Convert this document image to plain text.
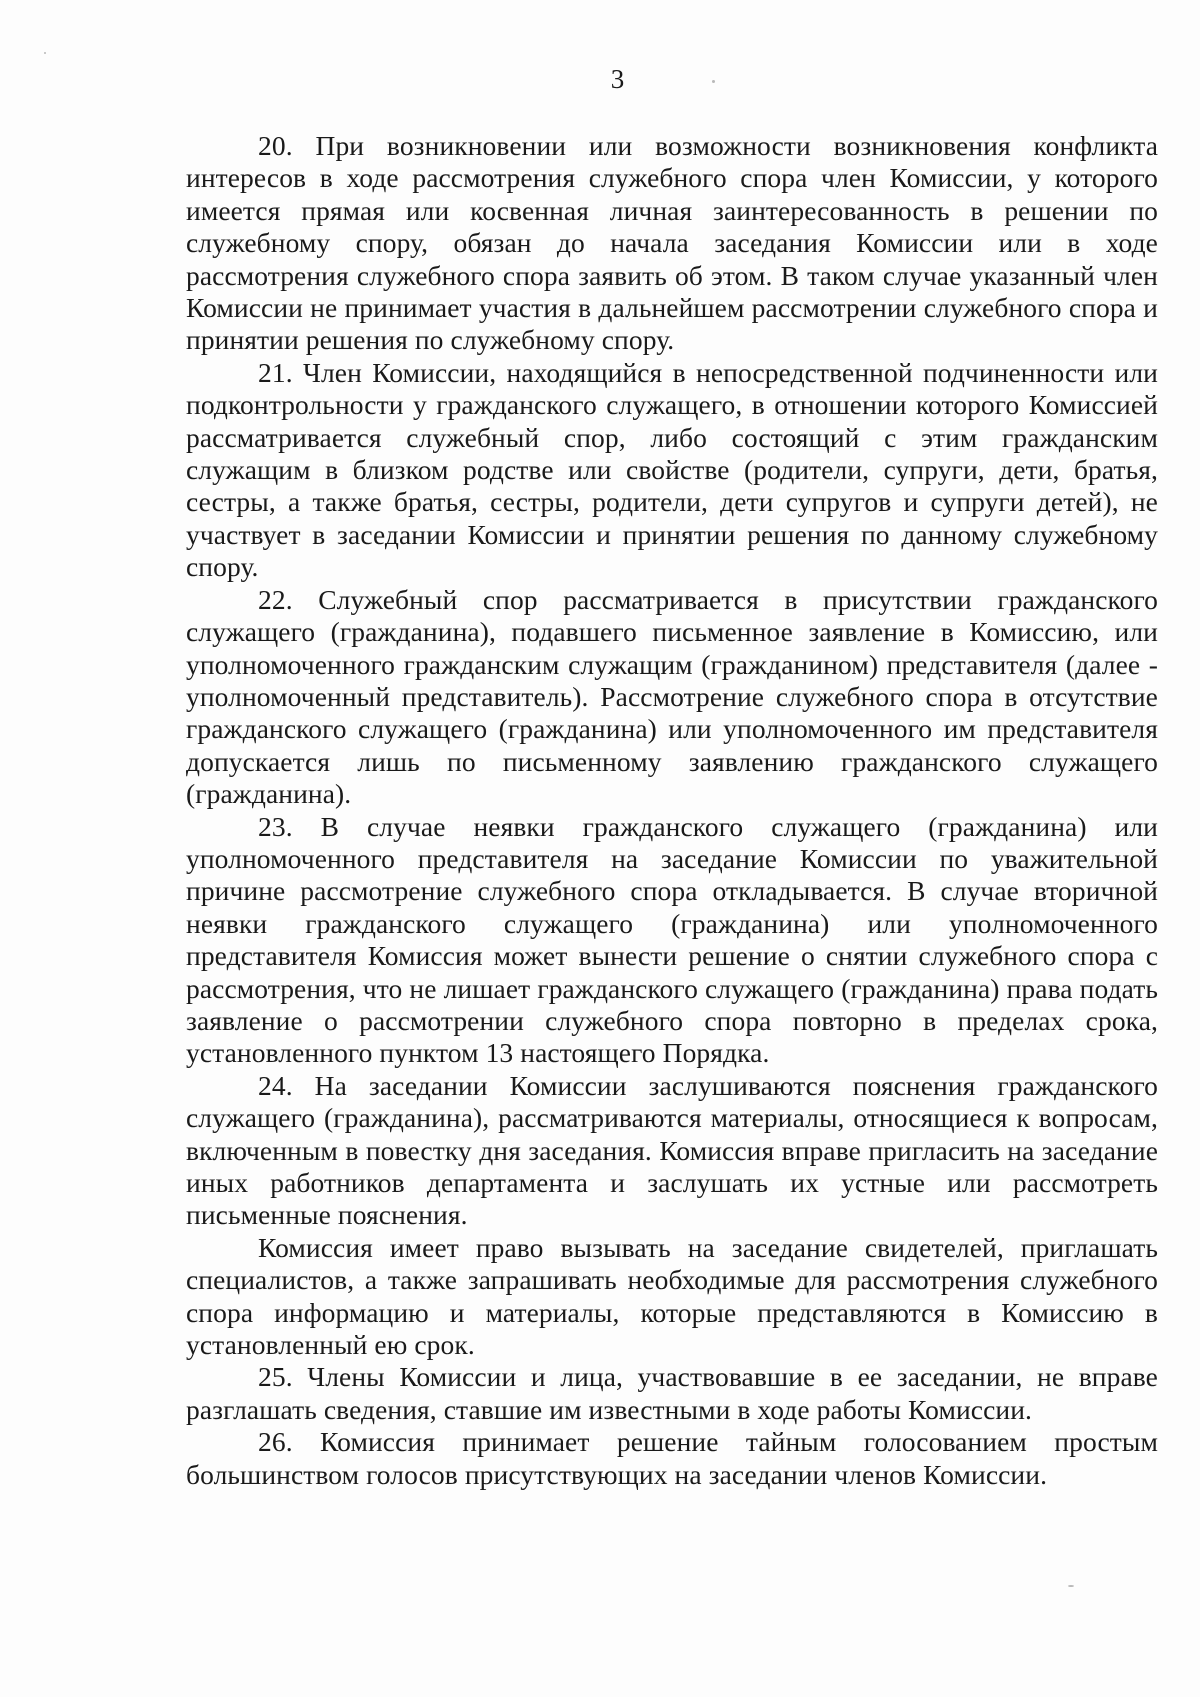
3

20. При возникновении или возможности возникновения конфликта интересов в ходе рассмотрения служебного спора член Комиссии, у которого имеется прямая или косвенная личная заинтересованность в решении по служебному спору, обязан до начала заседания Комиссии или в ходе рассмотрения служебного спора заявить об этом. В таком случае указанный член Комиссии не принимает участия в дальнейшем рассмотрении служебного спора и принятии решения по служебному спору.

21. Член Комиссии, находящийся в непосредственной подчиненности или подконтрольности у гражданского служащего, в отношении которого Комиссией рассматривается служебный спор, либо состоящий с этим гражданским служащим в близком родстве или свойстве (родители, супруги, дети, братья, сестры, а также братья, сестры, родители, дети супругов и супруги детей), не участвует в заседании Комиссии и принятии решения по данному служебному спору.

22. Служебный спор рассматривается в присутствии гражданского служащего (гражданина), подавшего письменное заявление в Комиссию, или уполномоченного гражданским служащим (гражданином) представителя (далее - уполномоченный представитель). Рассмотрение служебного спора в отсутствие гражданского служащего (гражданина) или уполномоченного им представителя допускается лишь по письменному заявлению гражданского служащего (гражданина).

23. В случае неявки гражданского служащего (гражданина) или уполномоченного представителя на заседание Комиссии по уважительной причине рассмотрение служебного спора откладывается. В случае вторичной неявки гражданского служащего (гражданина) или уполномоченного представителя Комиссия может вынести решение о снятии служебного спора с рассмотрения, что не лишает гражданского служащего (гражданина) права подать заявление о рассмотрении служебного спора повторно в пределах срока, установленного пунктом 13 настоящего Порядка.

24. На заседании Комиссии заслушиваются пояснения гражданского служащего (гражданина), рассматриваются материалы, относящиеся к вопросам, включенным в повестку дня заседания. Комиссия вправе пригласить на заседание иных работников департамента и заслушать их устные или рассмотреть письменные пояснения.

Комиссия имеет право вызывать на заседание свидетелей, приглашать специалистов, а также запрашивать необходимые для рассмотрения служебного спора информацию и материалы, которые представляются в Комиссию в установленный ею срок.

25. Члены Комиссии и лица, участвовавшие в ее заседании, не вправе разглашать сведения, ставшие им известными в ходе работы Комиссии.

26. Комиссия принимает решение тайным голосованием простым большинством голосов присутствующих на заседании членов Комиссии.
